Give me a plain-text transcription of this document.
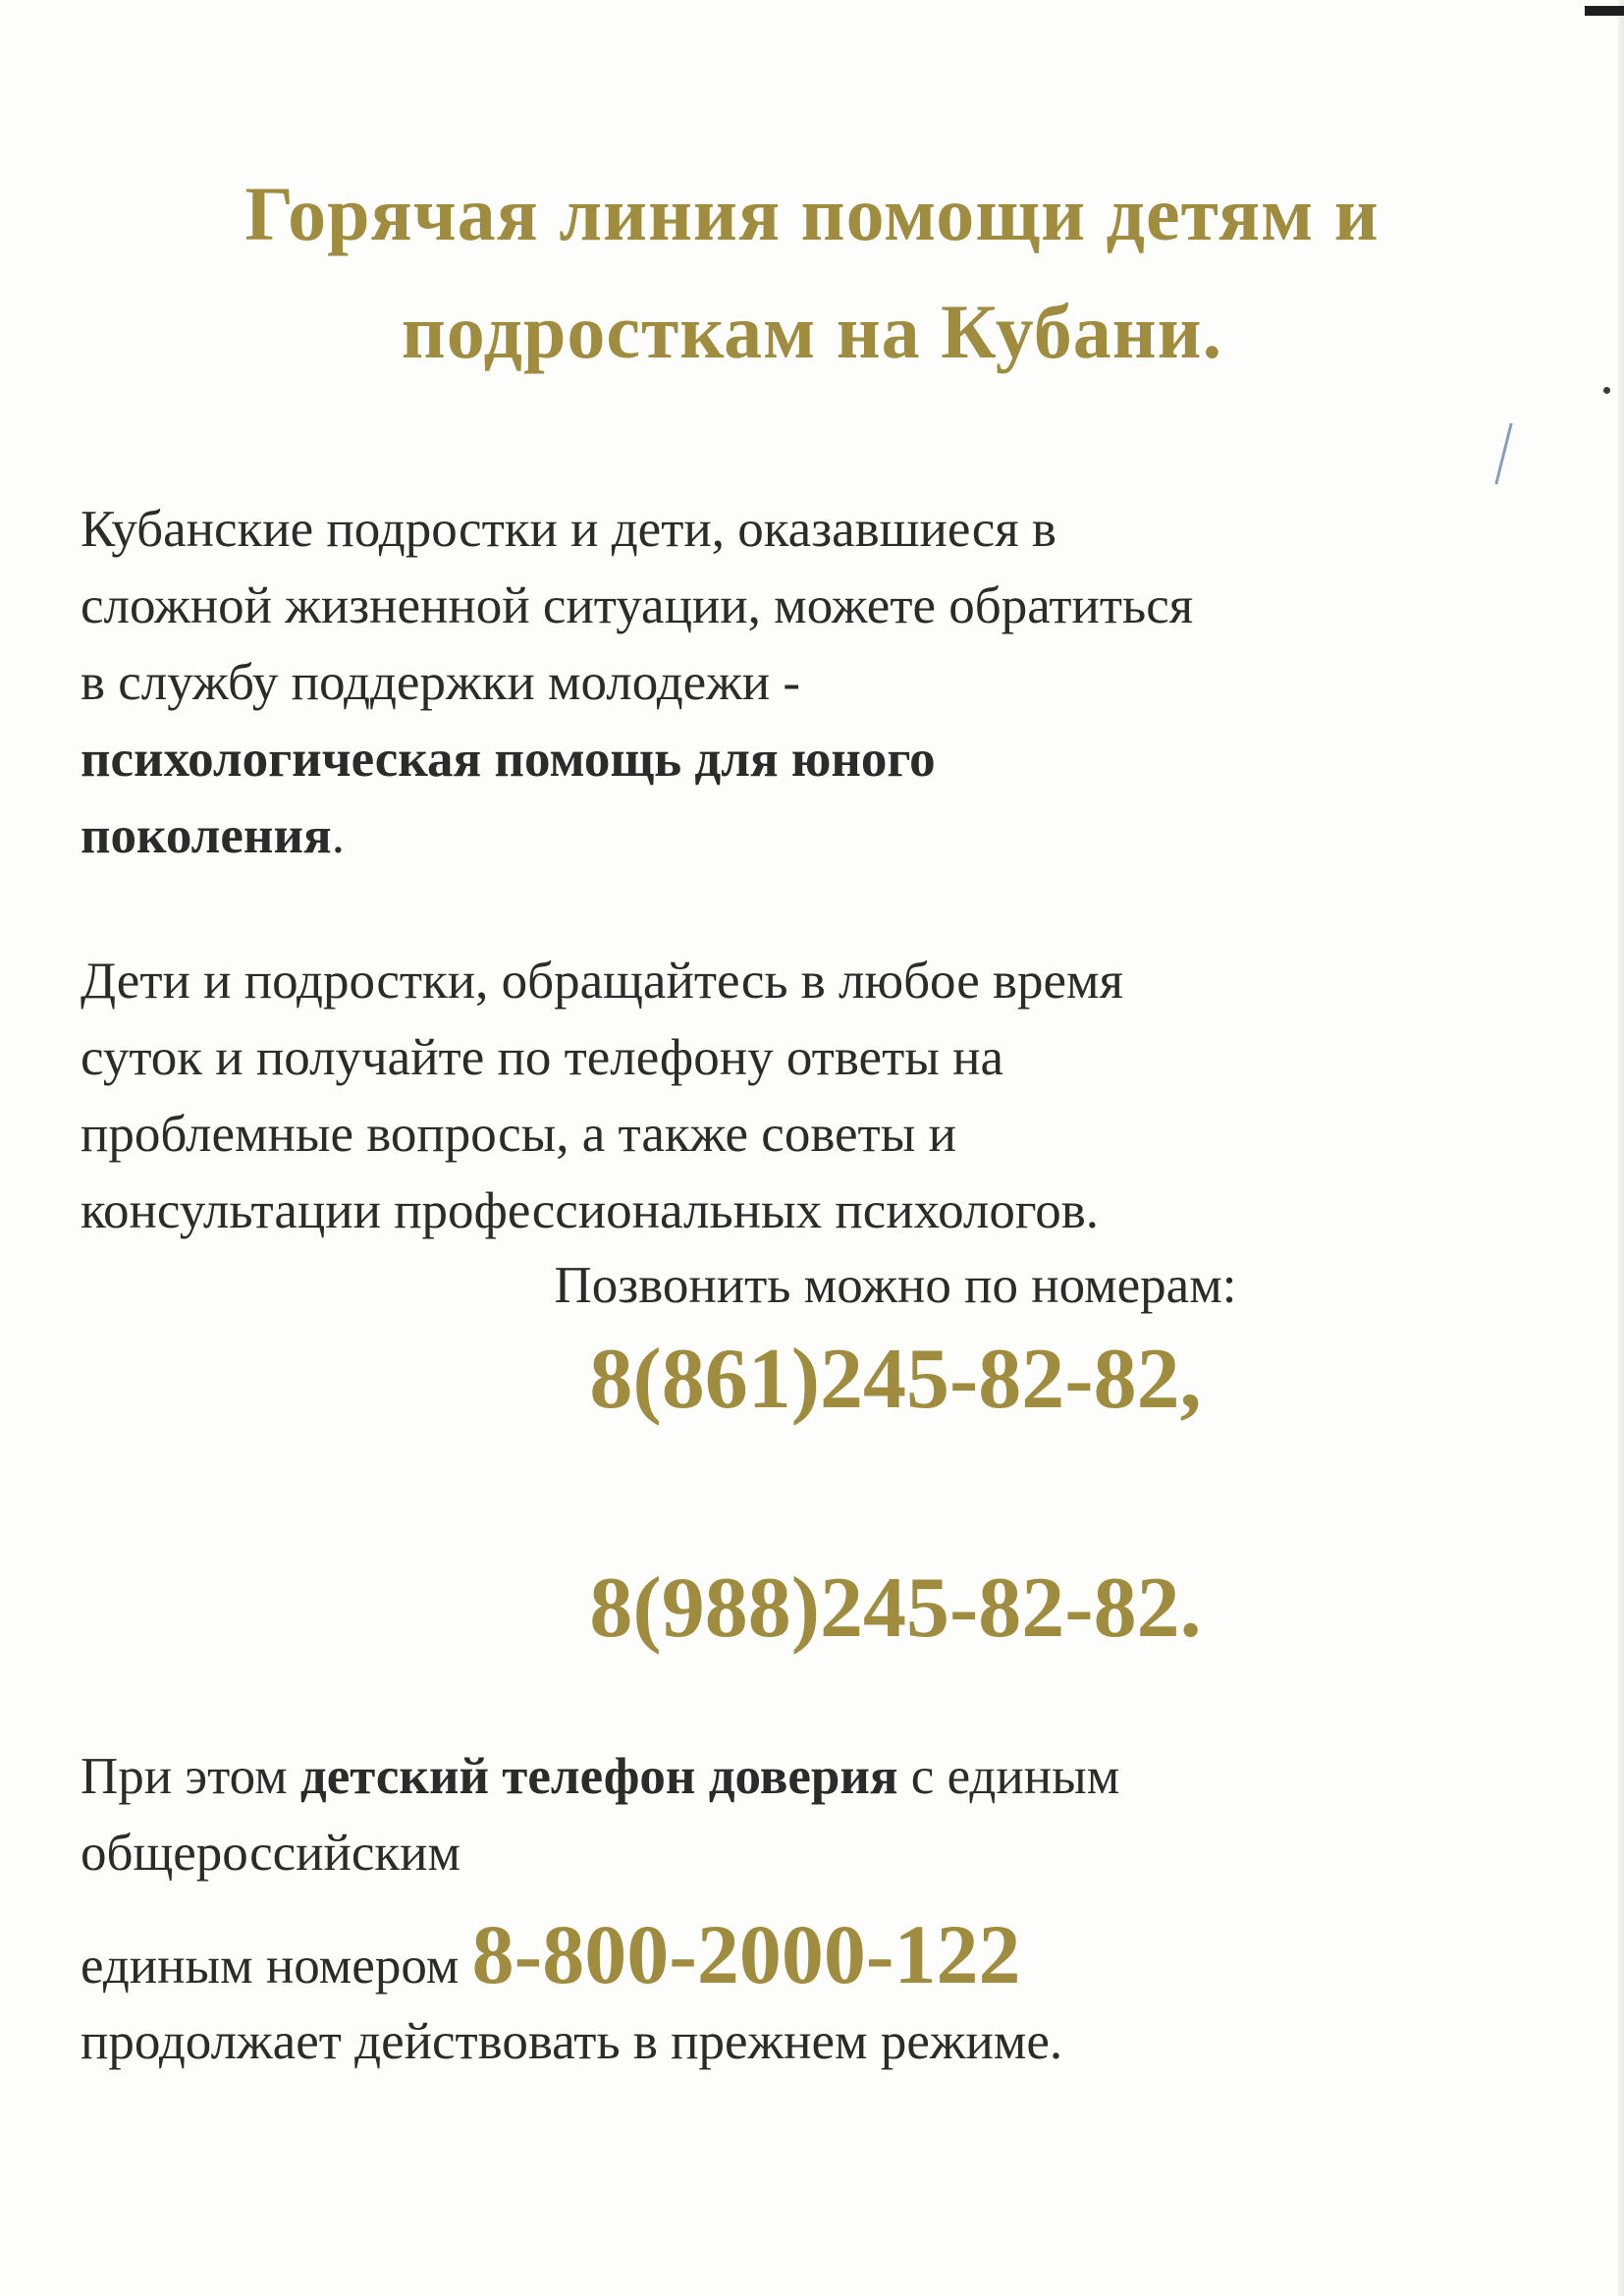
Горячая линия помощи детям и
подросткам на Кубани.
Кубанские подростки и дети, оказавшиеся в
сложной жизненной ситуации, можете обратиться
в службу поддержки молодежи -
психологическая помощь для юного
поколения.
Дети и подростки, обращайтесь в любое время
суток и получайте по телефону ответы на
проблемные вопросы, а также советы и
консультации профессиональных психологов.
Позвонить можно по номерам:
8(861)245-82-82,
8(988)245-82-82.
При этом детский телефон доверия с единым
общероссийским
единым номером 8-800-2000-122
продолжает действовать в прежнем режиме.
